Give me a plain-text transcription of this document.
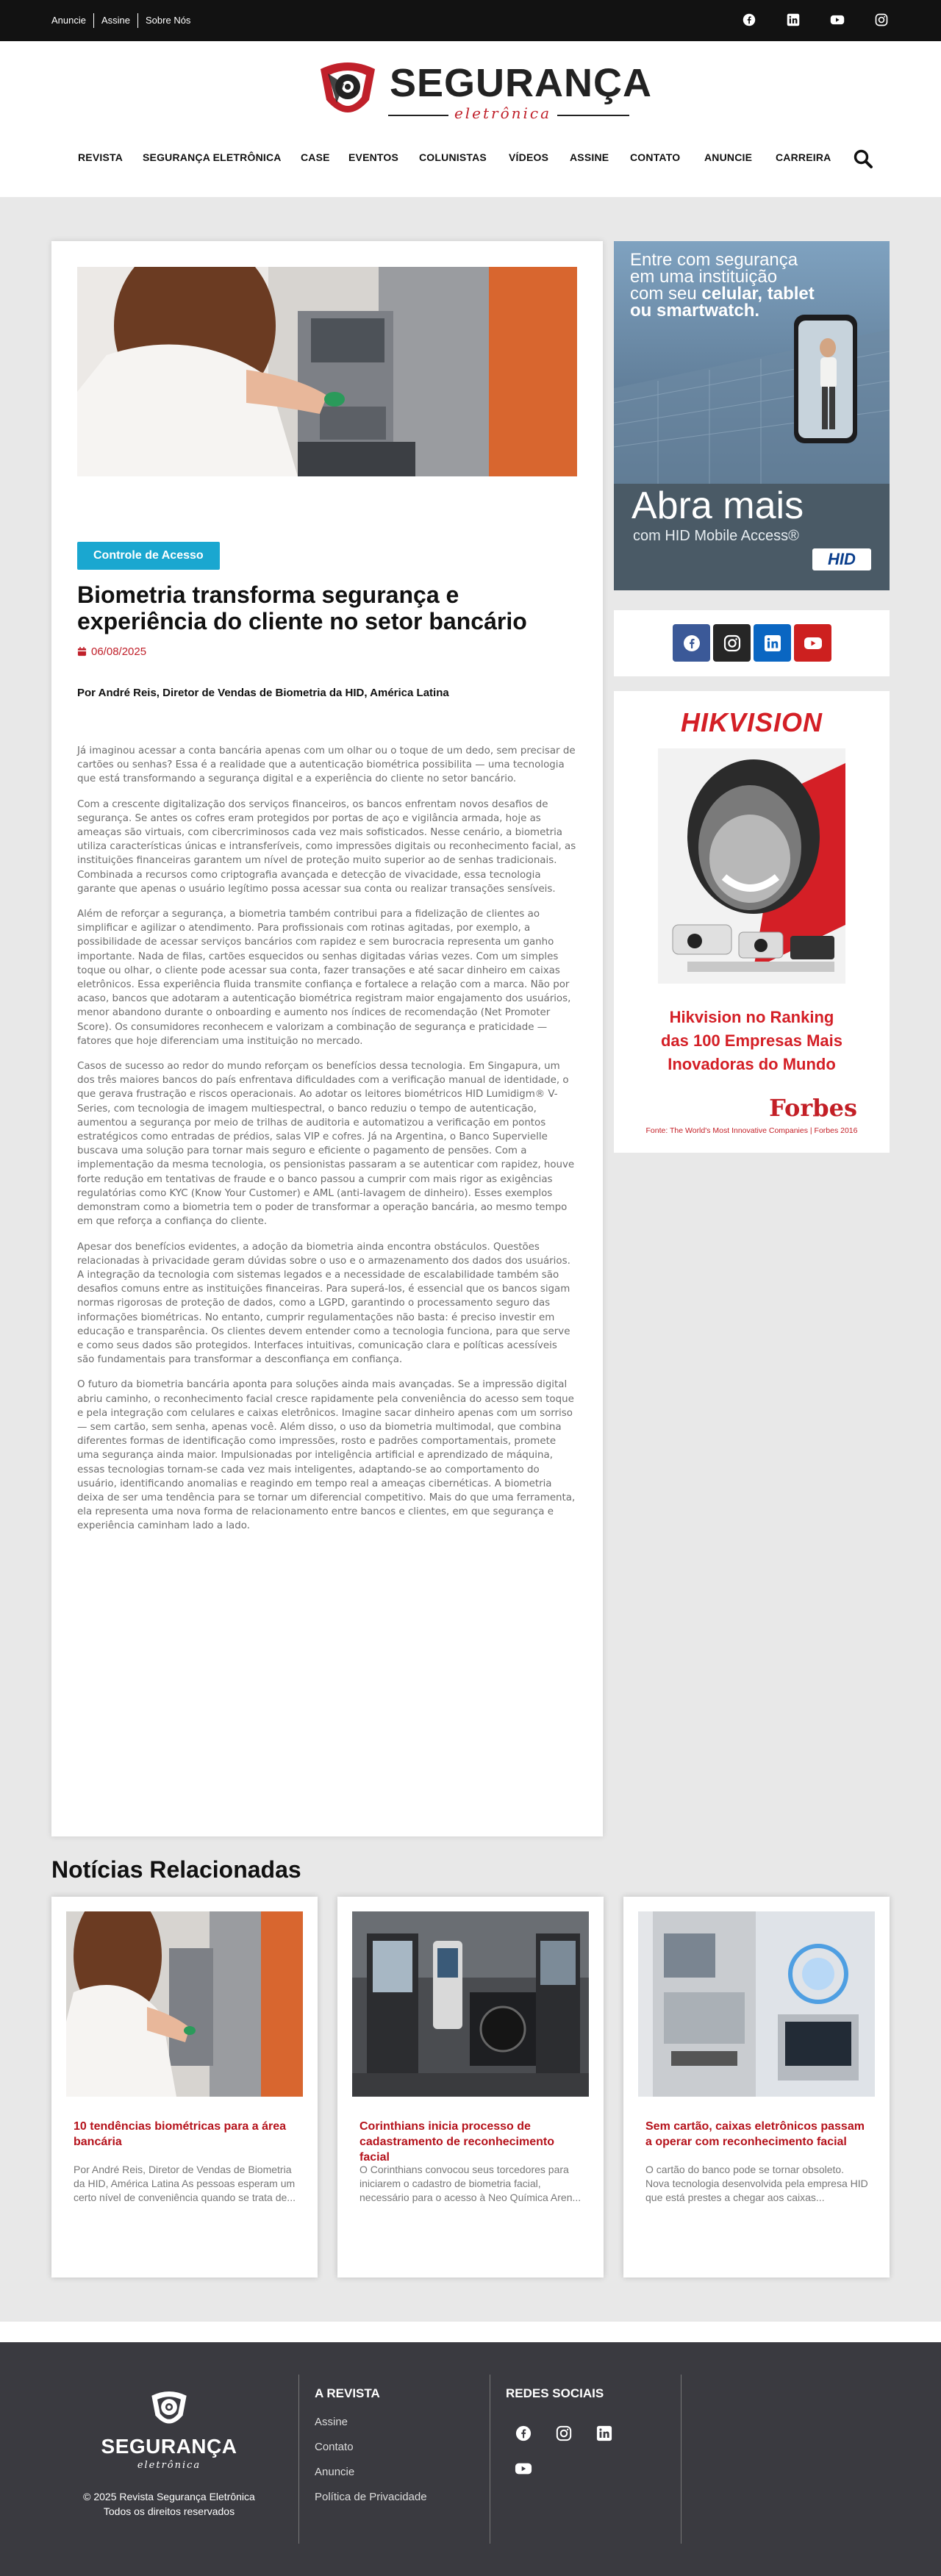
Anuncie	Assine	Sobre Nós
SEGURANÇA
eletrônica
REVISTA SEGURANÇA ELETRÔNICA CASE EVENTOS COLUNISTAS VÍDEOS ASSINE CONTATO ANUNCIE CARREIRA
Controle de Acesso
Biometria transforma segurança e experiência do cliente no setor bancário
06/08/2025
Por André Reis, Diretor de Vendas de Biometria da HID, América Latina

Já imaginou acessar a conta bancária apenas com um olhar ou o toque de um dedo, sem precisar de cartões ou senhas? Essa é a realidade que a autenticação biométrica possibilita — uma tecnologia que está transformando a segurança digital e a experiência do cliente no setor bancário.

Com a crescente digitalização dos serviços financeiros, os bancos enfrentam novos desafios de segurança. Se antes os cofres eram protegidos por portas de aço e vigilância armada, hoje as ameaças são virtuais, com cibercriminosos cada vez mais sofisticados. Nesse cenário, a biometria utiliza características únicas e intransferíveis, como impressões digitais ou reconhecimento facial, as instituições financeiras garantem um nível de proteção muito superior ao de senhas tradicionais. Combinada a recursos como criptografia avançada e detecção de vivacidade, essa tecnologia garante que apenas o usuário legítimo possa acessar sua conta ou realizar transações sensíveis.

Além de reforçar a segurança, a biometria também contribui para a fidelização de clientes ao simplificar e agilizar o atendimento. Para profissionais com rotinas agitadas, por exemplo, a possibilidade de acessar serviços bancários com rapidez e sem burocracia representa um ganho importante. Nada de filas, cartões esquecidos ou senhas digitadas várias vezes. Com um simples toque ou olhar, o cliente pode acessar sua conta, fazer transações e até sacar dinheiro em caixas eletrônicos. Essa experiência fluida transmite confiança e fortalece a relação com a marca. Não por acaso, bancos que adotaram a autenticação biométrica registram maior engajamento dos usuários, menor abandono durante o onboarding e aumento nos índices de recomendação (Net Promoter Score). Os consumidores reconhecem e valorizam a combinação de segurança e praticidade — fatores que hoje diferenciam uma instituição no mercado.

Casos de sucesso ao redor do mundo reforçam os benefícios dessa tecnologia. Em Singapura, um dos três maiores bancos do país enfrentava dificuldades com a verificação manual de identidade, o que gerava frustração e riscos operacionais. Ao adotar os leitores biométricos HID Lumidigm® V-Series, com tecnologia de imagem multiespectral, o banco reduziu o tempo de autenticação, aumentou a segurança por meio de trilhas de auditoria e automatizou a verificação em pontos estratégicos como entradas de prédios, salas VIP e cofres. Já na Argentina, o Banco Supervielle buscava uma solução para tornar mais seguro e eficiente o pagamento de pensões. Com a implementação da mesma tecnologia, os pensionistas passaram a se autenticar com rapidez, houve forte redução em tentativas de fraude e o banco passou a cumprir com mais rigor as exigências regulatórias como KYC (Know Your Customer) e AML (anti-lavagem de dinheiro). Esses exemplos demonstram como a biometria tem o poder de transformar a operação bancária, ao mesmo tempo em que reforça a confiança do cliente.

Apesar dos benefícios evidentes, a adoção da biometria ainda encontra obstáculos. Questões relacionadas à privacidade geram dúvidas sobre o uso e o armazenamento dos dados dos usuários. A integração da tecnologia com sistemas legados e a necessidade de escalabilidade também são desafios comuns entre as instituições financeiras. Para superá-los, é essencial que os bancos sigam normas rigorosas de proteção de dados, como a LGPD, garantindo o processamento seguro das informações biométricas. No entanto, cumprir regulamentações não basta: é preciso investir em educação e transparência. Os clientes devem entender como a tecnologia funciona, para que serve e como seus dados são protegidos. Interfaces intuitivas, comunicação clara e políticas acessíveis são fundamentais para transformar a desconfiança em confiança.

O futuro da biometria bancária aponta para soluções ainda mais avançadas. Se a impressão digital abriu caminho, o reconhecimento facial cresce rapidamente pela conveniência do acesso sem toque e pela integração com celulares e caixas eletrônicos. Imagine sacar dinheiro apenas com um sorriso — sem cartão, sem senha, apenas você. Além disso, o uso da biometria multimodal, que combina diferentes formas de identificação como impressões, rosto e padrões comportamentais, promete uma segurança ainda maior. Impulsionadas por inteligência artificial e aprendizado de máquina, essas tecnologias tornam-se cada vez mais inteligentes, adaptando-se ao comportamento do usuário, identificando anomalias e reagindo em tempo real a ameaças cibernéticas. A biometria deixa de ser uma tendência para se tornar um diferencial competitivo. Mais do que uma ferramenta, ela representa uma nova forma de relacionamento entre bancos e clientes, em que segurança e experiência caminham lado a lado.

Entre com segurança
em uma instituição
com seu celular, tablet
ou smartwatch.
Abra mais
com HID Mobile Access®
HID
HIKVISION
Hikvision no Ranking
das 100 Empresas Mais
Inovadoras do Mundo
Forbes
Fonte: The World's Most Innovative Companies | Forbes 2016
Notícias Relacionadas
10 tendências biométricas para a área bancária
Por André Reis, Diretor de Vendas de Biometria da HID, América Latina As pessoas esperam um certo nível de conveniência quando se trata de...
Corinthians inicia processo de cadastramento de reconhecimento facial
O Corinthians convocou seus torcedores para iniciarem o cadastro de biometria facial, necessário para o acesso à Neo Química Aren...
Sem cartão, caixas eletrônicos passam a operar com reconhecimento facial
O cartão do banco pode se tornar obsoleto. Nova tecnologia desenvolvida pela empresa HID que está prestes a chegar aos caixas...
SEGURANÇA
eletrônica
© 2025 Revista Segurança Eletrônica
Todos os direitos reservados
A REVISTA
Assine
Contato
Anuncie
Política de Privacidade
REDES SOCIAIS
